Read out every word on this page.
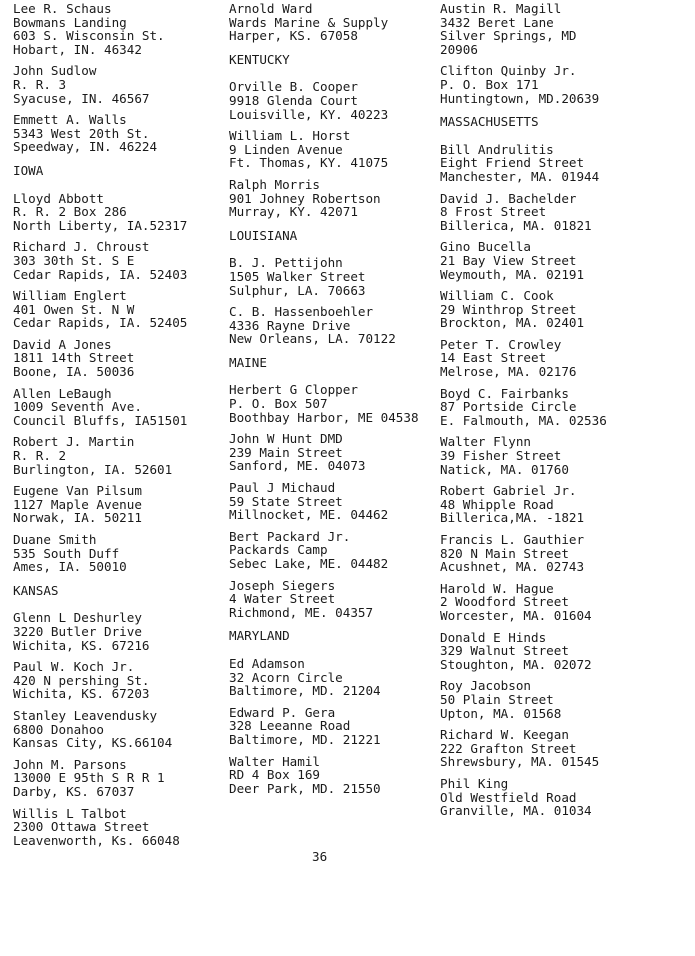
Lee R. Schaus
Bowmans Landing
603 S. Wisconsin St.
Hobart, IN. 46342
John Sudlow
R. R. 3
Syacuse, IN. 46567
Emmett A. Walls
5343 West 20th St.
Speedway, IN. 46224
IOWA
Lloyd Abbott
R. R. 2 Box 286
North Liberty, IA.52317
Richard J. Chroust
303 30th St. S E
Cedar Rapids, IA. 52403
William Englert
401 Owen St. N W
Cedar Rapids, IA. 52405
David A Jones
1811 14th Street
Boone, IA. 50036
Allen LeBaugh
1009 Seventh Ave.
Council Bluffs, IA51501
Robert J. Martin
R. R. 2
Burlington, IA. 52601
Eugene Van Pilsum
1127 Maple Avenue
Norwak, IA. 50211
Duane Smith
535 South Duff
Ames, IA. 50010
KANSAS
Glenn L Deshurley
3220 Butler Drive
Wichita, KS. 67216
Paul W. Koch Jr.
420 N pershing St.
Wichita, KS. 67203
Stanley Leavendusky
6800 Donahoo
Kansas City, KS.66104
John M. Parsons
13000 E 95th S R R 1
Darby, KS. 67037
Willis L Talbot
2300 Ottawa Street
Leavenworth, Ks. 66048
Arnold Ward
Wards Marine & Supply
Harper, KS. 67058
KENTUCKY
Orville B. Cooper
9918 Glenda Court
Louisville, KY. 40223
William L. Horst
9 Linden Avenue
Ft. Thomas, KY. 41075
Ralph Morris
901 Johney Robertson
Murray, KY. 42071
LOUISIANA
B. J. Pettijohn
1505 Walker Street
Sulphur, LA. 70663
C. B. Hassenboehler
4336 Rayne Drive
New Orleans, LA. 70122
MAINE
Herbert G Clopper
P. O. Box 507
Boothbay Harbor, ME 04538
John W Hunt DMD
239 Main Street
Sanford, ME. 04073
Paul J Michaud
59 State Street
Millnocket, ME. 04462
Bert Packard Jr.
Packards Camp
Sebec Lake, ME. 04482
Joseph Siegers
4 Water Street
Richmond, ME. 04357
MARYLAND
Ed Adamson
32 Acorn Circle
Baltimore, MD. 21204
Edward P. Gera
328 Leeanne Road
Baltimore, MD. 21221
Walter Hamil
RD 4 Box 169
Deer Park, MD. 21550
Austin R. Magill
3432 Beret Lane
Silver Springs, MD
20906
Clifton Quinby Jr.
P. O. Box 171
Huntingtown, MD.20639
MASSACHUSETTS
Bill Andrulitis
Eight Friend Street
Manchester, MA. 01944
David J. Bachelder
8 Frost Street
Billerica, MA. 01821
Gino Bucella
21 Bay View Street
Weymouth, MA. 02191
William C. Cook
29 Winthrop Street
Brockton, MA. 02401
Peter T. Crowley
14 East Street
Melrose, MA. 02176
Boyd C. Fairbanks
87 Portside Circle
E. Falmouth, MA. 02536
Walter Flynn
39 Fisher Street
Natick, MA. 01760
Robert Gabriel Jr.
48 Whipple Road
Billerica,MA. -1821
Francis L. Gauthier
820 N Main Street
Acushnet, MA. 02743
Harold W. Hague
2 Woodford Street
Worcester, MA. 01604
Donald E Hinds
329 Walnut Street
Stoughton, MA. 02072
Roy Jacobson
50 Plain Street
Upton, MA. 01568
Richard W. Keegan
222 Grafton Street
Shrewsbury, MA. 01545
Phil King
Old Westfield Road
Granville, MA. 01034
36
